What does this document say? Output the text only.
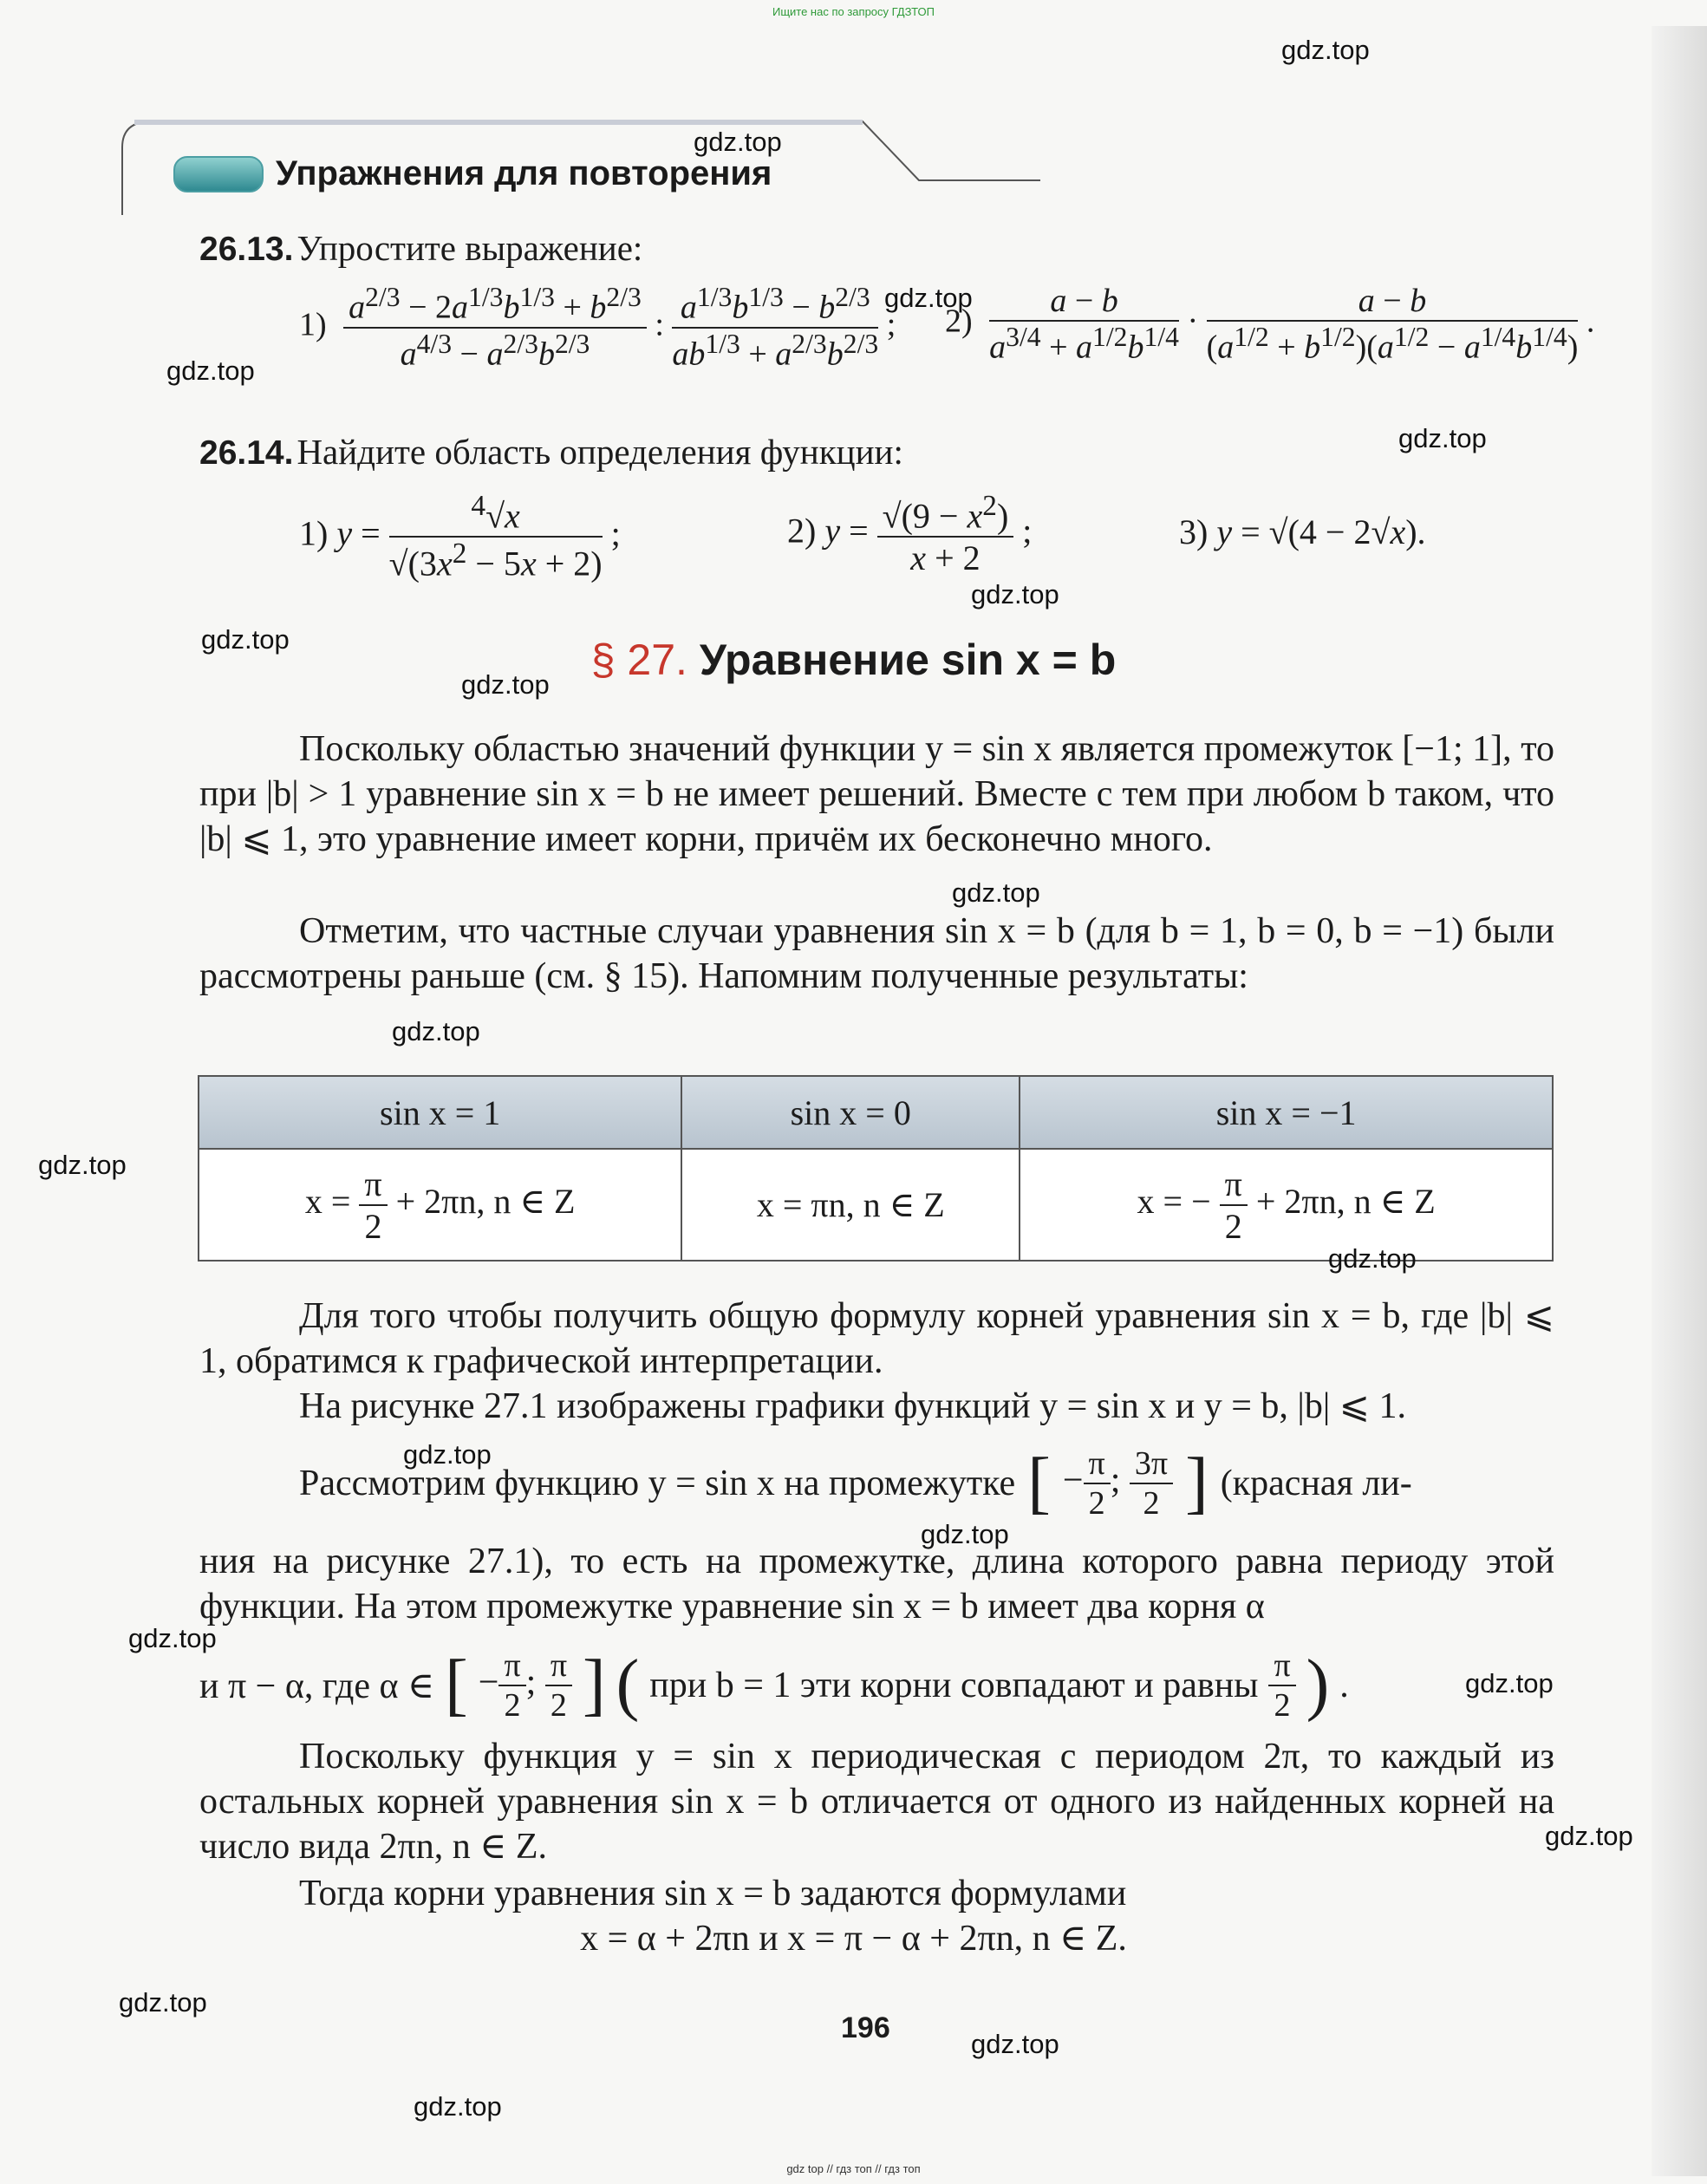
Ищите нас по запросу ГДЗТОП
gdz top // гдз топ // гдз топ
Упражнения для повторения
26.13. Упростите выражение:
$1) \frac{a^{2/3} - 2a^{1/3}b^{1/3} + b^{2/3}}{a^{4/3} - a^{2/3}b^{2/3}}$ : $\frac{a^{1/3}b^{1/3} - b^{2/3}}{ab^{1/3} + a^{2/3}b^{2/3}}$ ; $2) \frac{a - b}{a^{3/4} + a^{1/2}b^{1/4}} \cdot \frac{a - b}{(a^{1/2} + b^{1/2})(a^{1/2} - a^{1/4}b^{1/4})}$ .
26.14. Найдите область определения функции:
1) $y = \frac{^4√x}{√(3x^2 - 5x + 2)}$ ;	2) $y = \frac{√(9 - x^2)}{x + 2}$ ;	3) y = √(4 − 2√x).
§ 27. Уравнение sin x = b
Поскольку областью значений функции y = sin x является промежуток [−1; 1], то при |b| > 1 уравнение sin x = b не имеет решений. Вместе с тем при любом b таком, что |b| ⩽ 1, это уравнение имеет корни, причём их бесконечно много.
Отметим, что частные случаи уравнения sin x = b (для b = 1, b = 0, b = −1) были рассмотрены раньше (см. § 15). Напомним полученные результаты:
sin x = 1	sin x = 0	sin x = −1
$x = \frac{\pi}{2} + 2\pi n$, n ∈ Z	x = πn, n ∈ Z	x = − $\frac{\pi}{2} + 2\pi n$, n ∈ Z
Для того чтобы получить общую формулу корней уравнения sin x = b, где |b| ⩽ 1, обратимся к графической интерпретации.
На рисунке 27.1 изображены графики функций y = sin x и y = b, |b| ⩽ 1.
Рассмотрим функцию y = sin x на промежутке [ − $\frac{\pi}{2}$ ; $\frac{3\pi}{2}$ ] (красная ли-
ния на рисунке 27.1), то есть на промежутке, длина которого равна периоду этой функции. На этом промежутке уравнение sin x = b имеет два корня α
и π − α, где α ∈ [ − $\frac{\pi}{2}$ ; $\frac{\pi}{2}$ ] ( при b = 1 эти корни совпадают и равны $\frac{\pi}{2}$ ) .
Поскольку функция y = sin x периодическая с периодом 2π, то каждый из остальных корней уравнения sin x = b отличается от одного из найденных корней на число вида 2πn, n ∈ Z.
Тогда корни уравнения sin x = b задаются формулами
x = α + 2πn и x = π − α + 2πn, n ∈ Z.
196
gdz.top
gdz.top
gdz.top
gdz.top
gdz.top
gdz.top
gdz.top
gdz.top
gdz.top
gdz.top
gdz.top
gdz.top
gdz.top
gdz.top
gdz.top
gdz.top
gdz.top
gdz.top
gdz.top
gdz.top
